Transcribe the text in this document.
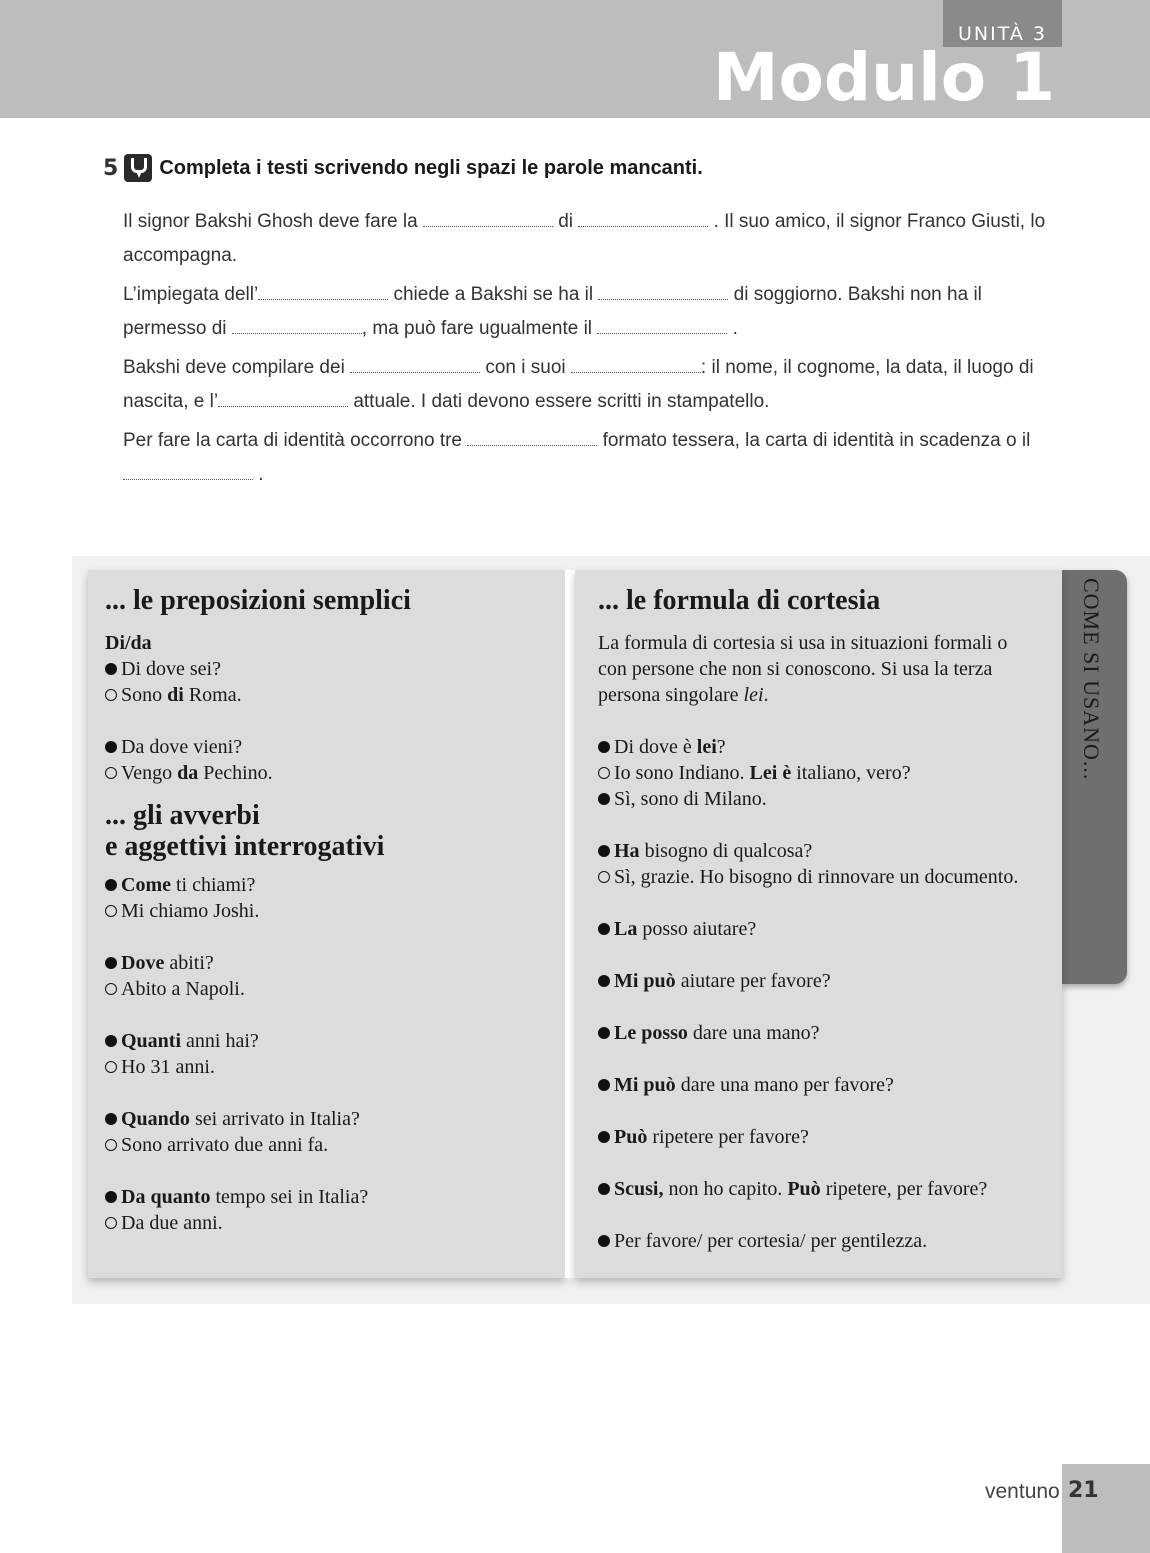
UNITÀ 3
Modulo 1
5 Completa i testi scrivendo negli spazi le parole mancanti.

Il signor Bakshi Ghosh deve fare la	di	. Il suo amico, il signor Franco Giusti, lo accompagna.

L’impiegata dell’	chiede a Bakshi se ha il	di soggiorno. Bakshi non ha il permesso di	, ma può fare ugualmente il	.

Bakshi deve compilare dei	con i suoi	: il nome, il cognome, la data, il luogo di nascita, e l’	attuale. I dati devono essere scritti in stampatello.

Per fare la carta di identità occorrono tre	formato tessera, la carta di identità in scadenza o il
.

COME SI USANO...
... le preposizioni semplici
Di/da
Di dove sei?
Sono di Roma.
Da dove vieni?
Vengo da Pechino.
... gli avverbi
e aggettivi interrogativi
Come ti chiami?
Mi chiamo Joshi.
Dove abiti?
Abito a Napoli.
Quanti anni hai?
Ho 31 anni.
Quando sei arrivato in Italia?
Sono arrivato due anni fa.
Da quanto tempo sei in Italia?
Da due anni.
... le formula di cortesia
La formula di cortesia si usa in situazioni formali o
con persone che non si conoscono. Si usa la terza
persona singolare lei.
Di dove è lei?
Io sono Indiano. Lei è italiano, vero?
Sì, sono di Milano.
Ha bisogno di qualcosa?
Sì, grazie. Ho bisogno di rinnovare un documento.
La posso aiutare?
Mi può aiutare per favore?
Le posso dare una mano?
Mi può dare una mano per favore?
Può ripetere per favore?
Scusi, non ho capito. Può ripetere, per favore?
Per favore/ per cortesia/ per gentilezza.
ventuno 21
